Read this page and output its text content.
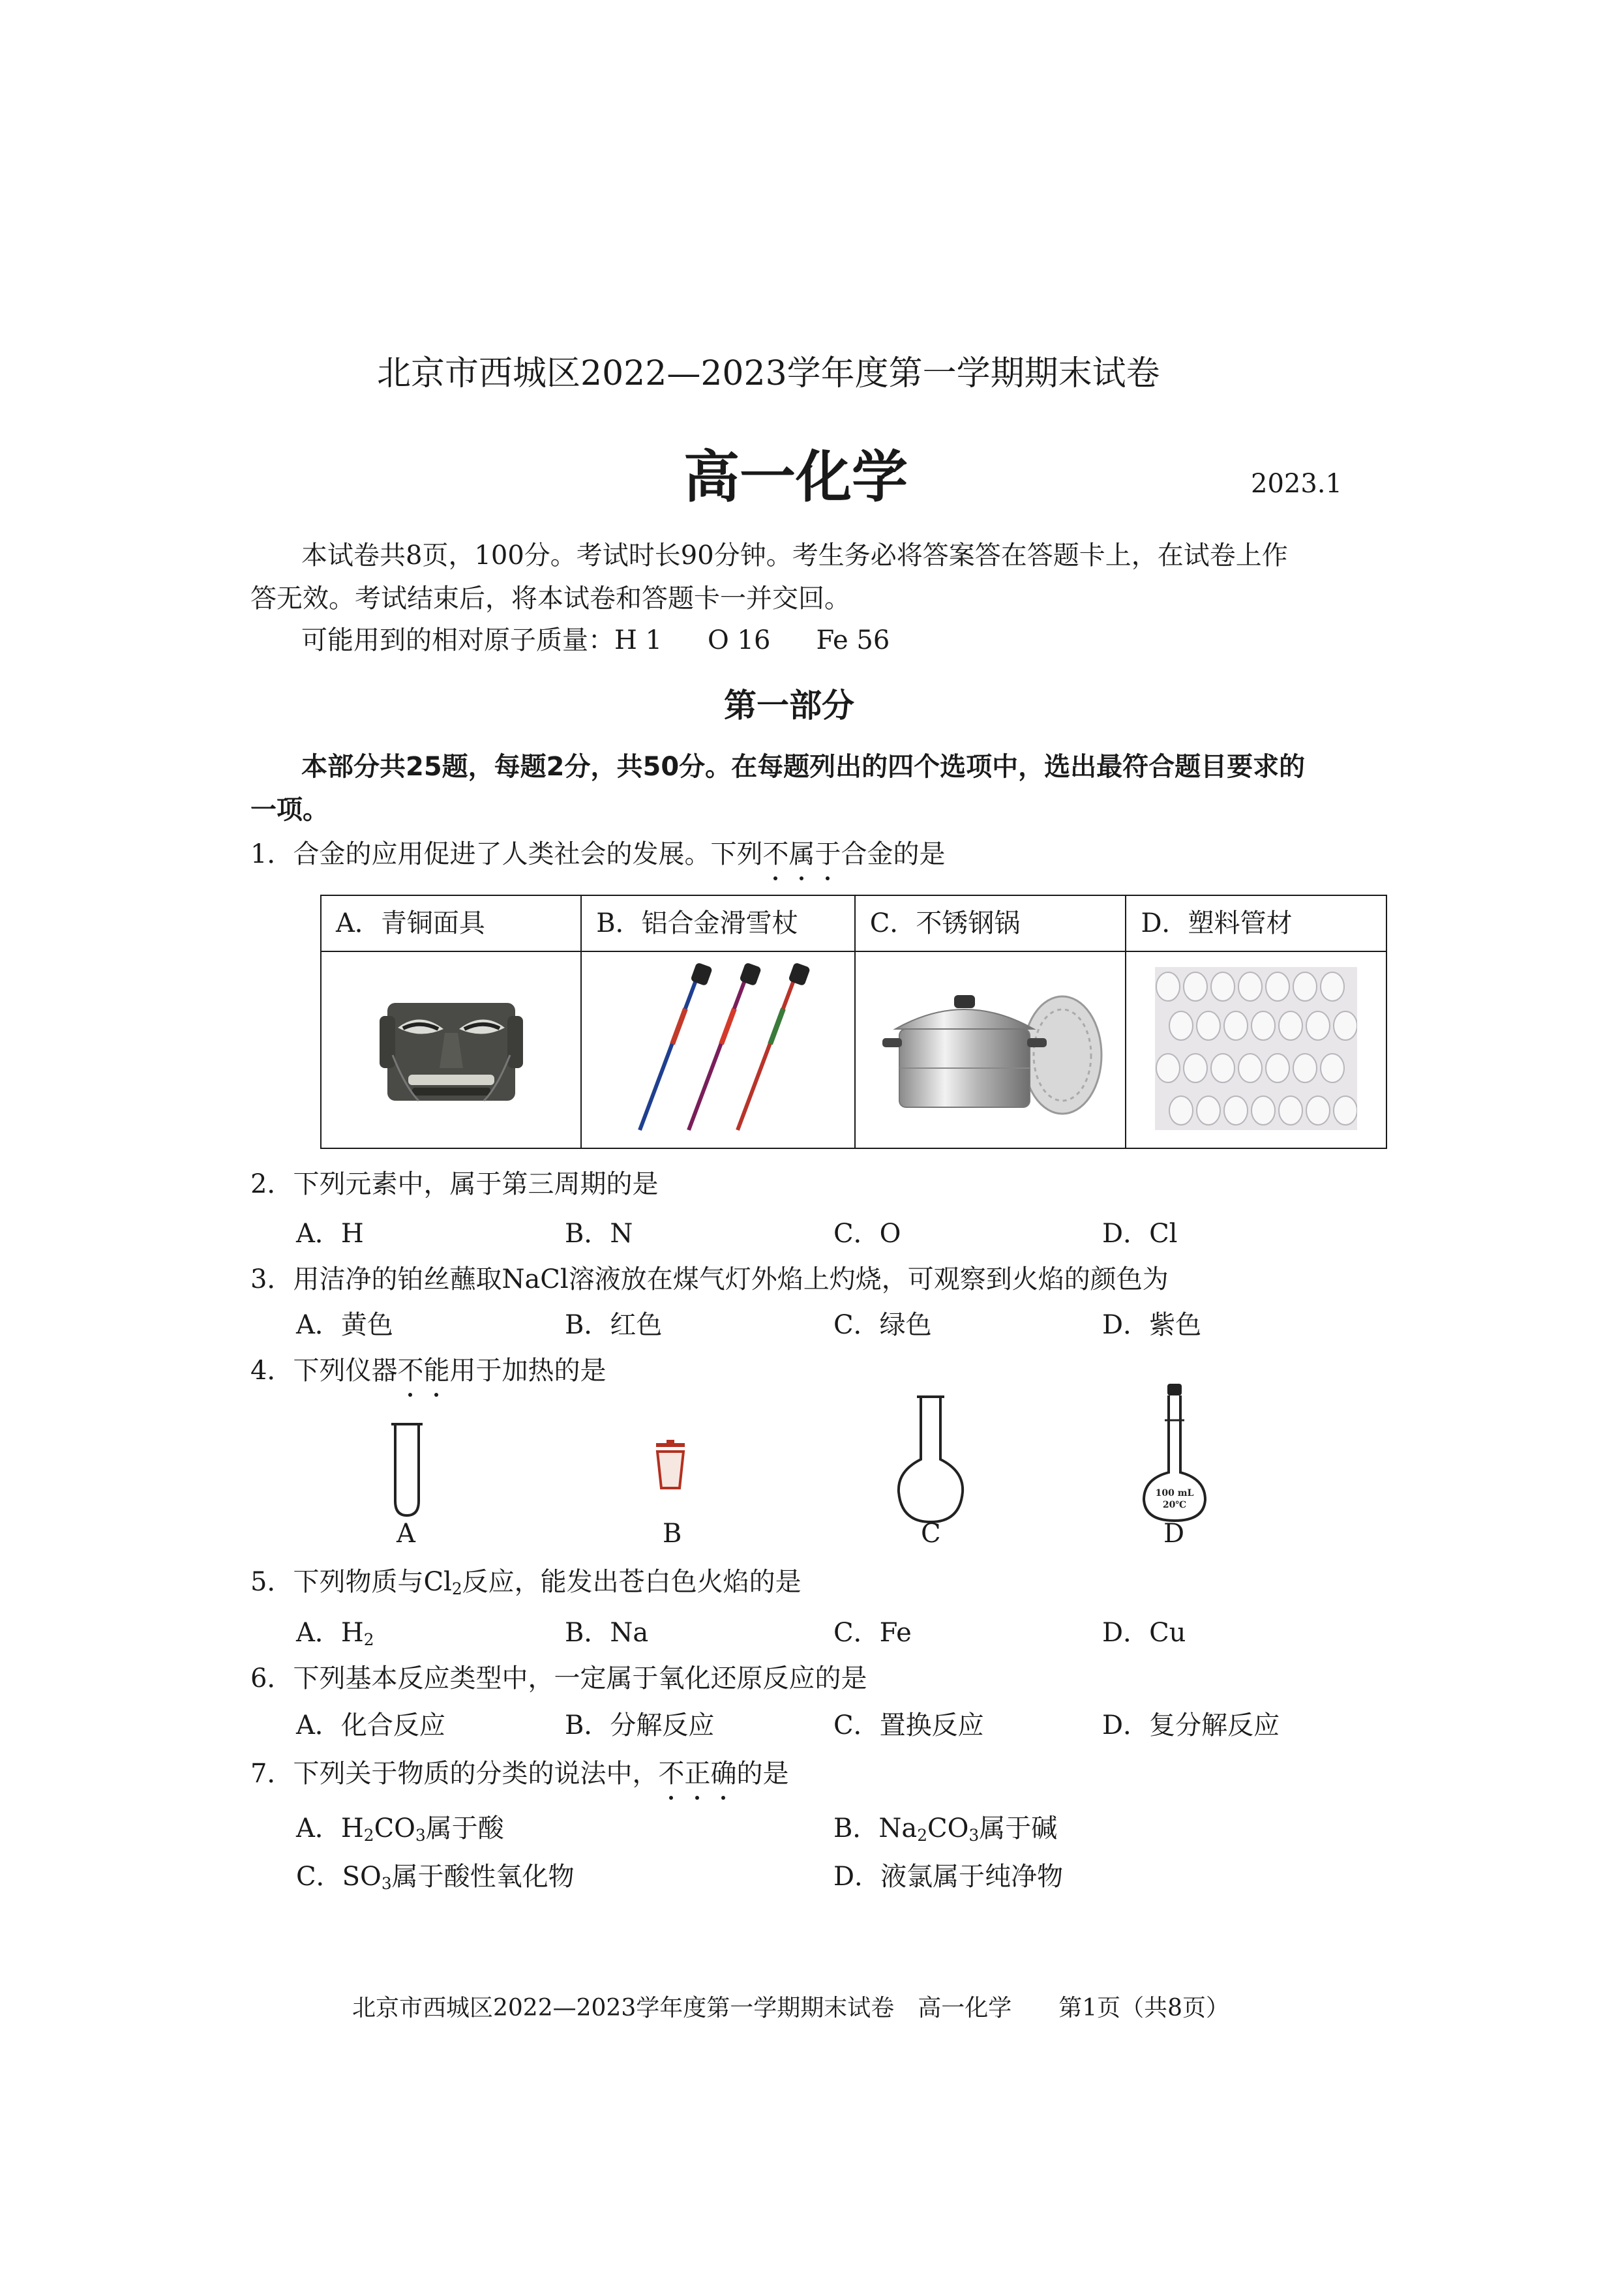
北京市西城区2022—2023学年度第一学期期末试卷
高一化学	2023.1
本试卷共8页，100分。考试时长90分钟。考生务必将答案答在答题卡上，在试卷上作
答无效。考试结束后，将本试卷和答题卡一并交回。
可能用到的相对原子质量：H 1 O 16 Fe 56
第一部分
本部分共25题，每题2分，共50分。在每题列出的四个选项中，选出最符合题目要求的
一项。
1．合金的应用促进了人类社会的发展。下列不属于合金的是
A．青铜面具	B．铝合金滑雪杖	C．不锈钢锅	D．塑料管材

2．下列元素中，属于第三周期的是
A．H	B．N	C．O	D．Cl
3．用洁净的铂丝蘸取NaCl溶液放在煤气灯外焰上灼烧，可观察到火焰的颜色为
A．黄色	B．红色	C．绿色	D．紫色
4．下列仪器不能用于加热的是
100 mL
20℃
A	B	C	D
5．下列物质与$Cl_2$反应，能发出苍白色火焰的是
A．$H_2$	B．Na	C．Fe	D．Cu
6．下列基本反应类型中，一定属于氧化还原反应的是
A．化合反应	B．分解反应	C．置换反应	D．复分解反应
7．下列关于物质的分类的说法中，不正确的是
A．$H_2CO_3$属于酸	B．$Na_2CO_3$属于碱
C．$SO_3$属于酸性氧化物	D．液氯属于纯净物
北京市西城区2022—2023学年度第一学期期末试卷　高一化学　　第1页（共8页）
